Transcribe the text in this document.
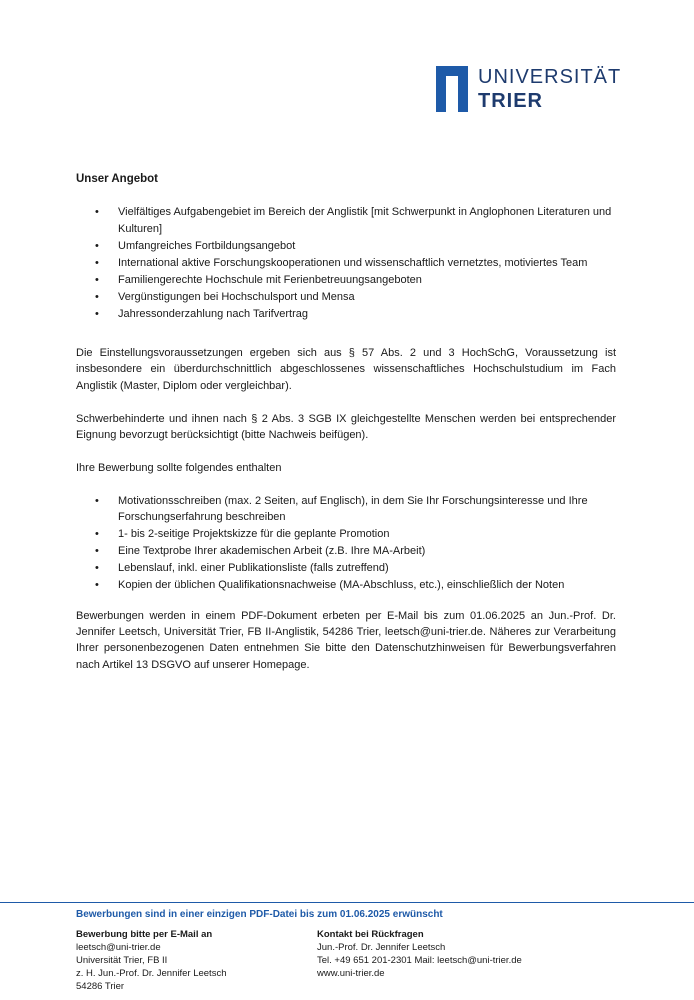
UNIVERSITÄT
TRIER
Unser Angebot
• Vielfältiges Aufgabengebiet im Bereich der Anglistik [mit Schwerpunkt in Anglophonen Literaturen und Kulturen]
• Umfangreiches Fortbildungsangebot
• International aktive Forschungskooperationen und wissenschaftlich vernetztes, motiviertes Team
• Familiengerechte Hochschule mit Ferienbetreuungsangeboten
• Vergünstigungen bei Hochschulsport und Mensa
• Jahressonderzahlung nach Tarifvertrag

Die Einstellungsvoraussetzungen ergeben sich aus § 57 Abs. 2 und 3 HochSchG, Voraussetzung ist insbesondere ein überdurchschnittlich abgeschlossenes wissenschaftliches Hochschulstudium im Fach Anglistik (Master, Diplom oder vergleichbar).

Schwerbehinderte und ihnen nach § 2 Abs. 3 SGB IX gleichgestellte Menschen werden bei entsprechender Eignung bevorzugt berücksichtigt (bitte Nachweis beifügen).

Ihre Bewerbung sollte folgendes enthalten

• Motivationsschreiben (max. 2 Seiten, auf Englisch), in dem Sie Ihr Forschungsinteresse und Ihre Forschungserfahrung beschreiben
• 1- bis 2-seitige Projektskizze für die geplante Promotion
• Eine Textprobe Ihrer akademischen Arbeit (z.B. Ihre MA-Arbeit)
• Lebenslauf, inkl. einer Publikationsliste (falls zutreffend)
• Kopien der üblichen Qualifikationsnachweise (MA-Abschluss, etc.), einschließlich der Noten

Bewerbungen werden in einem PDF-Dokument erbeten per E-Mail bis zum 01.06.2025 an Jun.-Prof. Dr. Jennifer Leetsch, Universität Trier, FB II-Anglistik, 54286 Trier, leetsch@uni-trier.de. Näheres zur Verarbeitung Ihrer personenbezogenen Daten entnehmen Sie bitte den Datenschutzhinweisen für Bewerbungsverfahren nach Artikel 13 DSGVO auf unserer Homepage.

Bewerbungen sind in einer einzigen PDF-Datei bis zum 01.06.2025 erwünscht
Bewerbung bitte per E-Mail an
leetsch@uni-trier.de
Universität Trier, FB II
z. H. Jun.-Prof. Dr. Jennifer Leetsch
54286 Trier
Kontakt bei Rückfragen
Jun.-Prof. Dr. Jennifer Leetsch
Tel. +49 651 201-2301 Mail: leetsch@uni-trier.de
www.uni-trier.de
